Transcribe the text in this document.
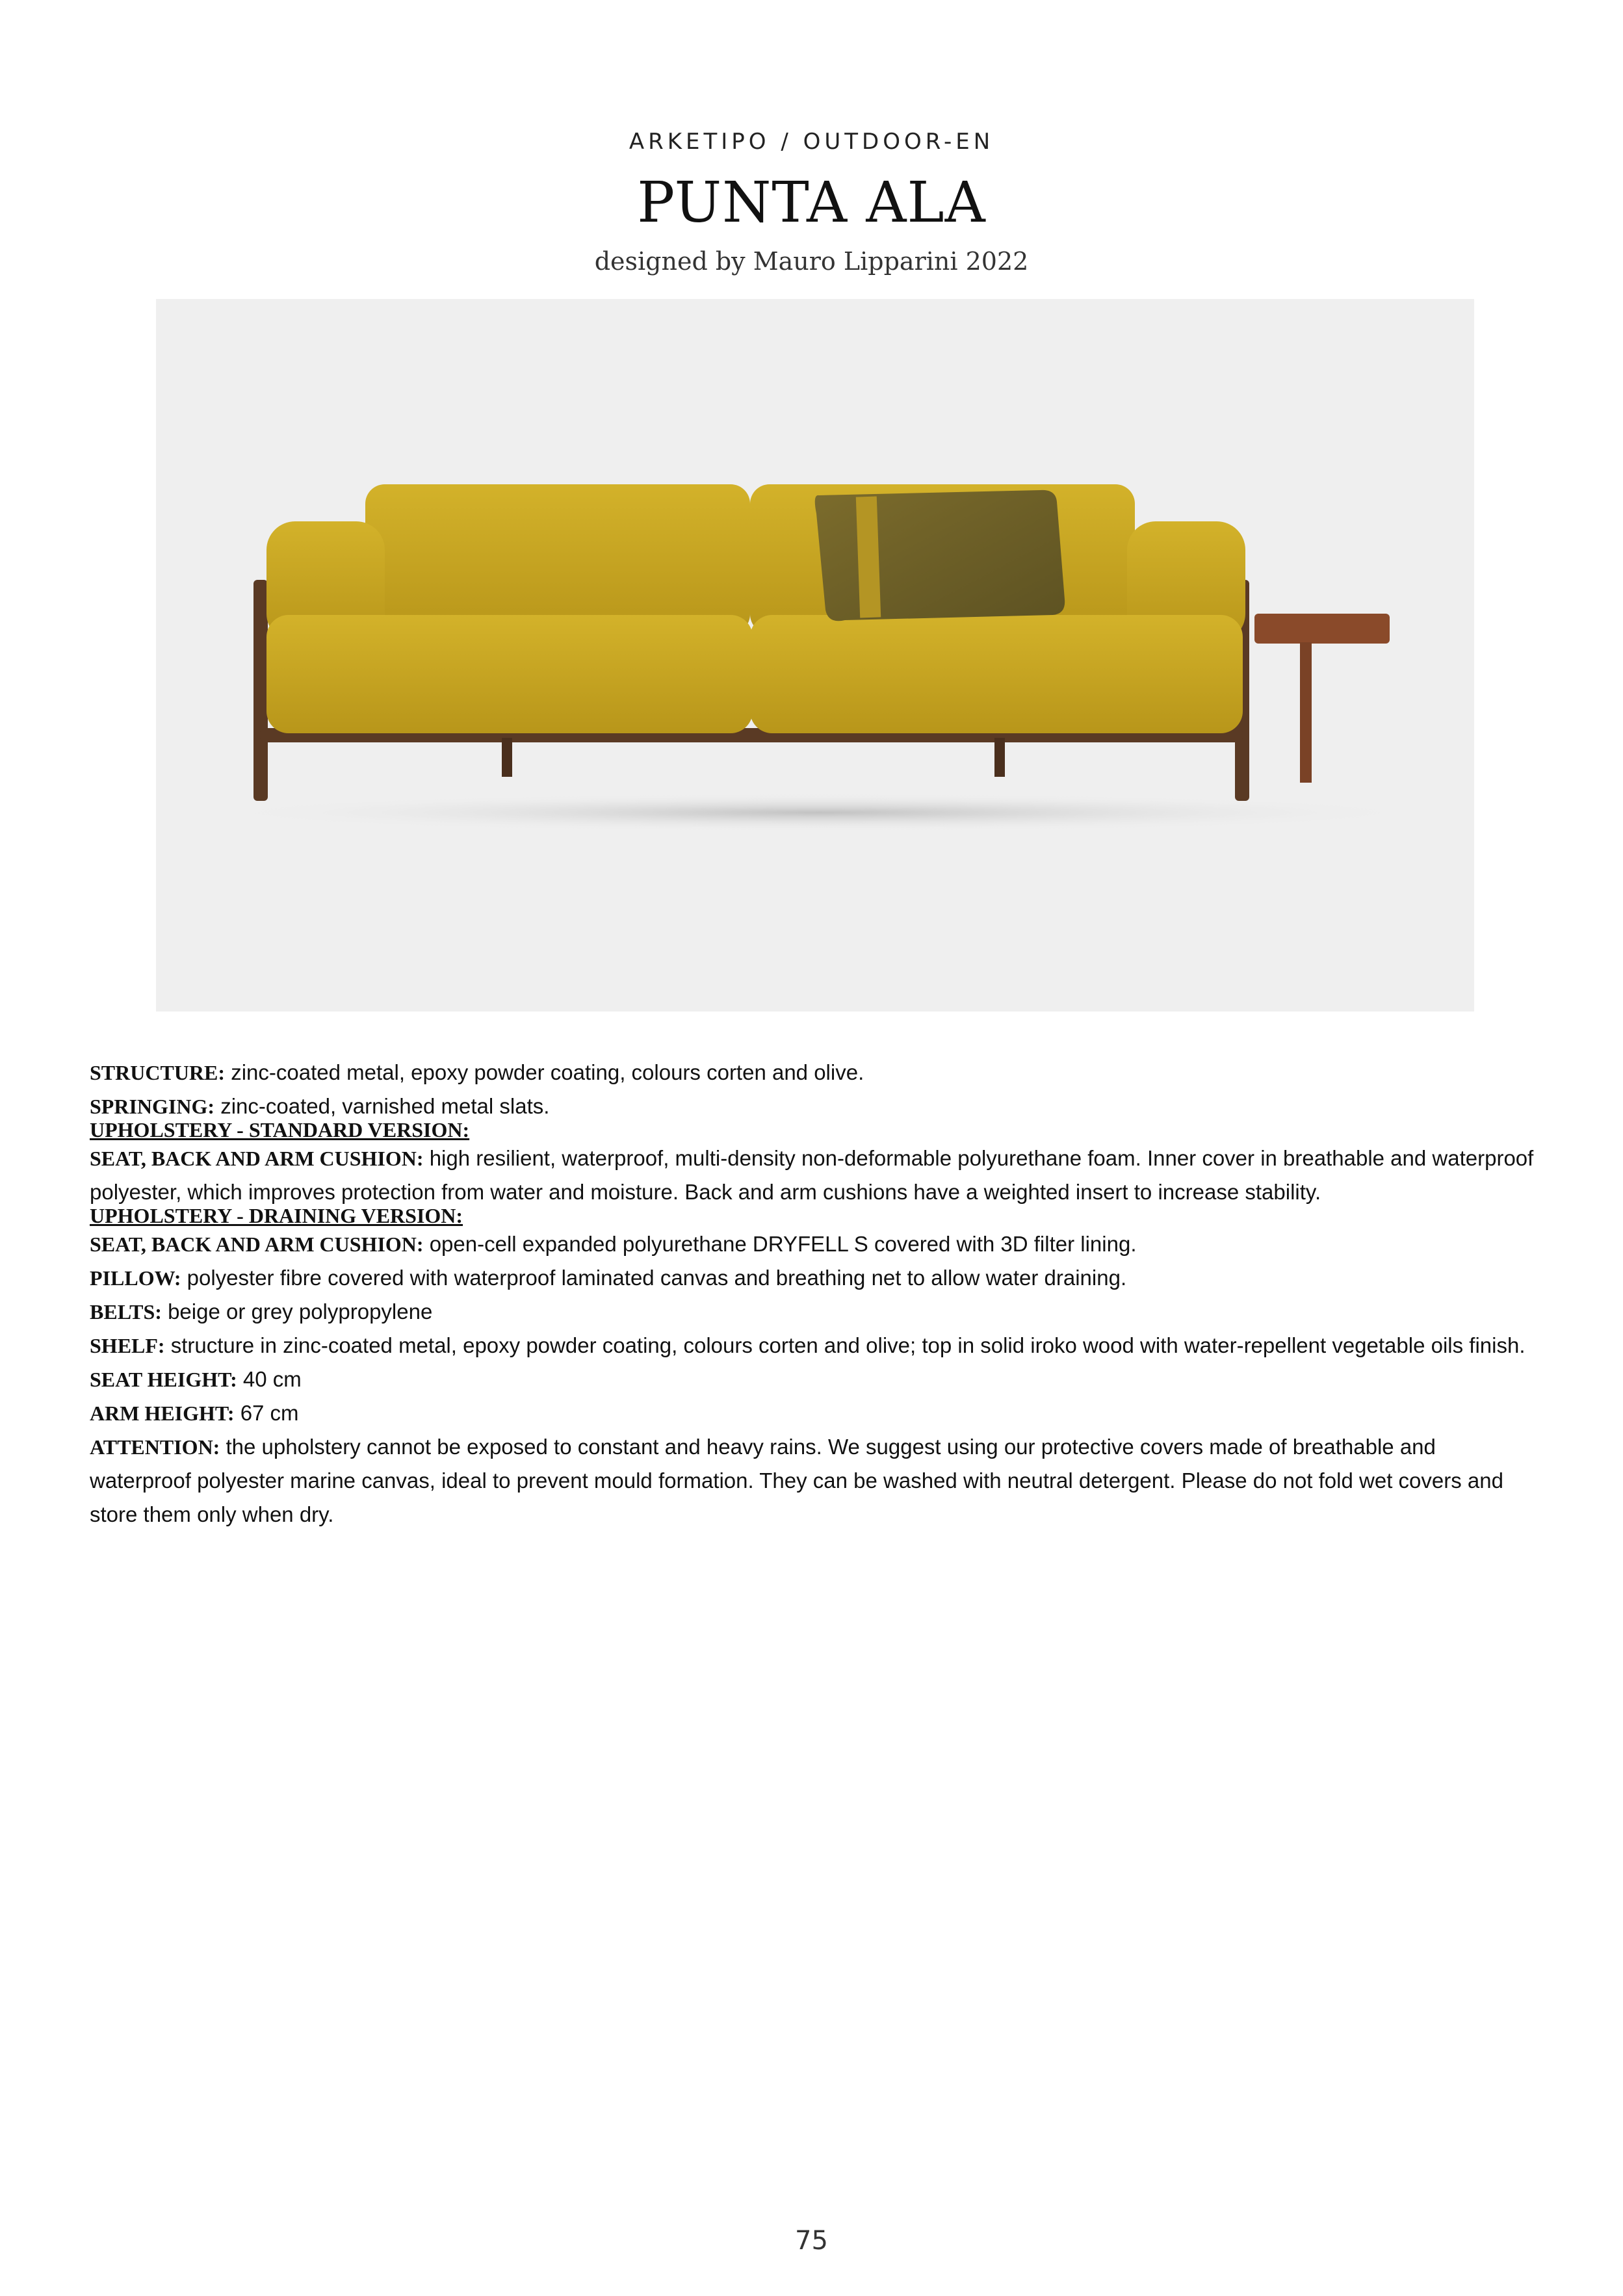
ARKETIPO / OUTDOOR-EN
PUNTA ALA
designed by Mauro Lipparini 2022
STRUCTURE: zinc-coated metal, epoxy powder coating, colours corten and olive.
SPRINGING: zinc-coated, varnished metal slats.
UPHOLSTERY - STANDARD VERSION:
SEAT, BACK AND ARM CUSHION: high resilient, waterproof, multi-density non-deformable polyurethane foam. Inner cover in breathable and waterproof polyester, which improves protection from water and moisture. Back and arm cushions have a weighted insert to increase stability.
UPHOLSTERY - DRAINING VERSION:
SEAT, BACK AND ARM CUSHION: open-cell expanded polyurethane DRYFELL S covered with 3D filter lining.
PILLOW: polyester fibre covered with waterproof laminated canvas and breathing net to allow water draining.
BELTS: beige or grey polypropylene
SHELF: structure in zinc-coated metal, epoxy powder coating, colours corten and olive; top in solid iroko wood with water-repellent vegetable oils finish.
SEAT HEIGHT: 40 cm
ARM HEIGHT: 67 cm
ATTENTION: the upholstery cannot be exposed to constant and heavy rains. We suggest using our protective covers made of breathable and waterproof polyester marine canvas, ideal to prevent mould formation. They can be washed with neutral detergent. Please do not fold wet covers and store them only when dry.
75
